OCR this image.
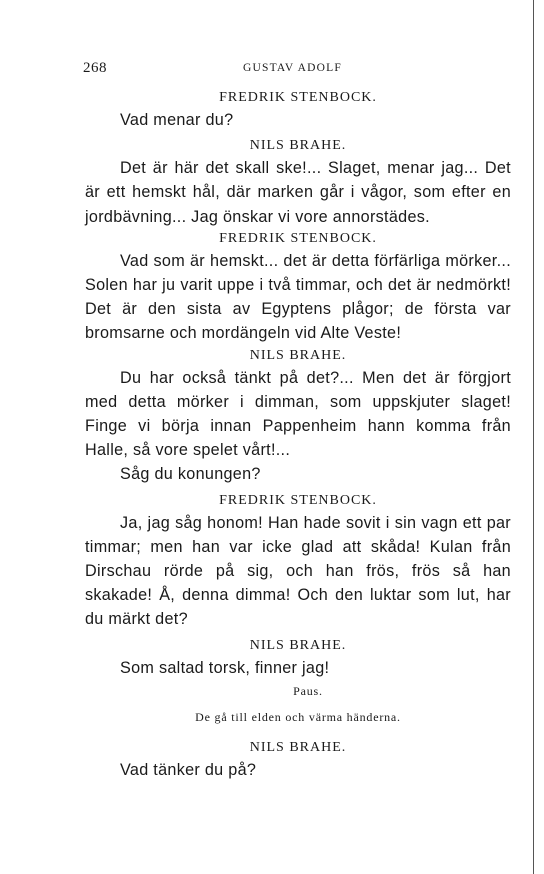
268	GUSTAV ADOLF

FREDRIK STENBOCK.

Vad menar du?

NILS BRAHE.

Det är här det skall ske!... Slaget, menar jag... Det är ett hemskt hål, där marken går i vågor, som efter en jordbävning... Jag önskar vi vore annorstädes.

FREDRIK STENBOCK.

Vad som är hemskt... det är detta förfärliga mörker... Solen har ju varit uppe i två timmar, och det är nedmörkt! Det är den sista av Egyptens plågor; de första var bromsarne och mordängeln vid Alte Veste!

NILS BRAHE.

Du har också tänkt på det?... Men det är förgjort med detta mörker i dimman, som uppskjuter slaget! Finge vi börja innan Pappenheim hann komma från Halle, så vore spelet vårt!...

Såg du konungen?

FREDRIK STENBOCK.

Ja, jag såg honom! Han hade sovit i sin vagn ett par timmar; men han var icke glad att skåda! Kulan från Dirschau rörde på sig, och han frös, frös så han skakade! Å, denna dimma! Och den luktar som lut, har du märkt det?

NILS BRAHE.

Som saltad torsk, finner jag!

Paus.

De gå till elden och värma händerna.

NILS BRAHE.

Vad tänker du på?
